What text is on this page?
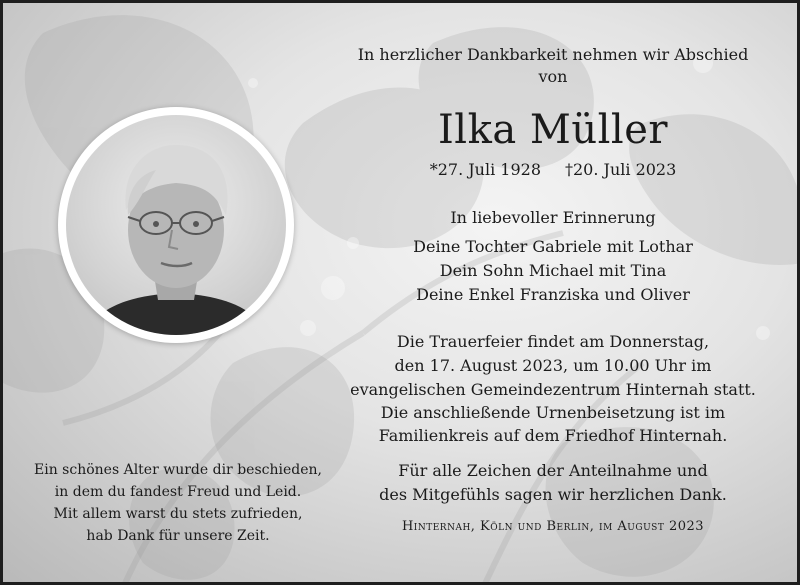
In herzlicher Dankbarkeit nehmen wir Abschied
von
Ilka Müller
*27. Juli 1928 †20. Juli 2023
In liebevoller Erinnerung
Deine Tochter Gabriele mit Lothar
Dein Sohn Michael mit Tina
Deine Enkel Franziska und Oliver
Die Trauerfeier findet am Donnerstag,
den 17. August 2023, um 10.00 Uhr im
evangelischen Gemeindezentrum Hinternah statt.
Die anschließende Urnenbeisetzung ist im
Familienkreis auf dem Friedhof Hinternah.
Für alle Zeichen der Anteilnahme und
des Mitgefühls sagen wir herzlichen Dank.
Hinternah, Köln und Berlin, im August 2023
Ein schönes Alter wurde dir beschieden,
in dem du fandest Freud und Leid.
Mit allem warst du stets zufrieden,
hab Dank für unsere Zeit.
